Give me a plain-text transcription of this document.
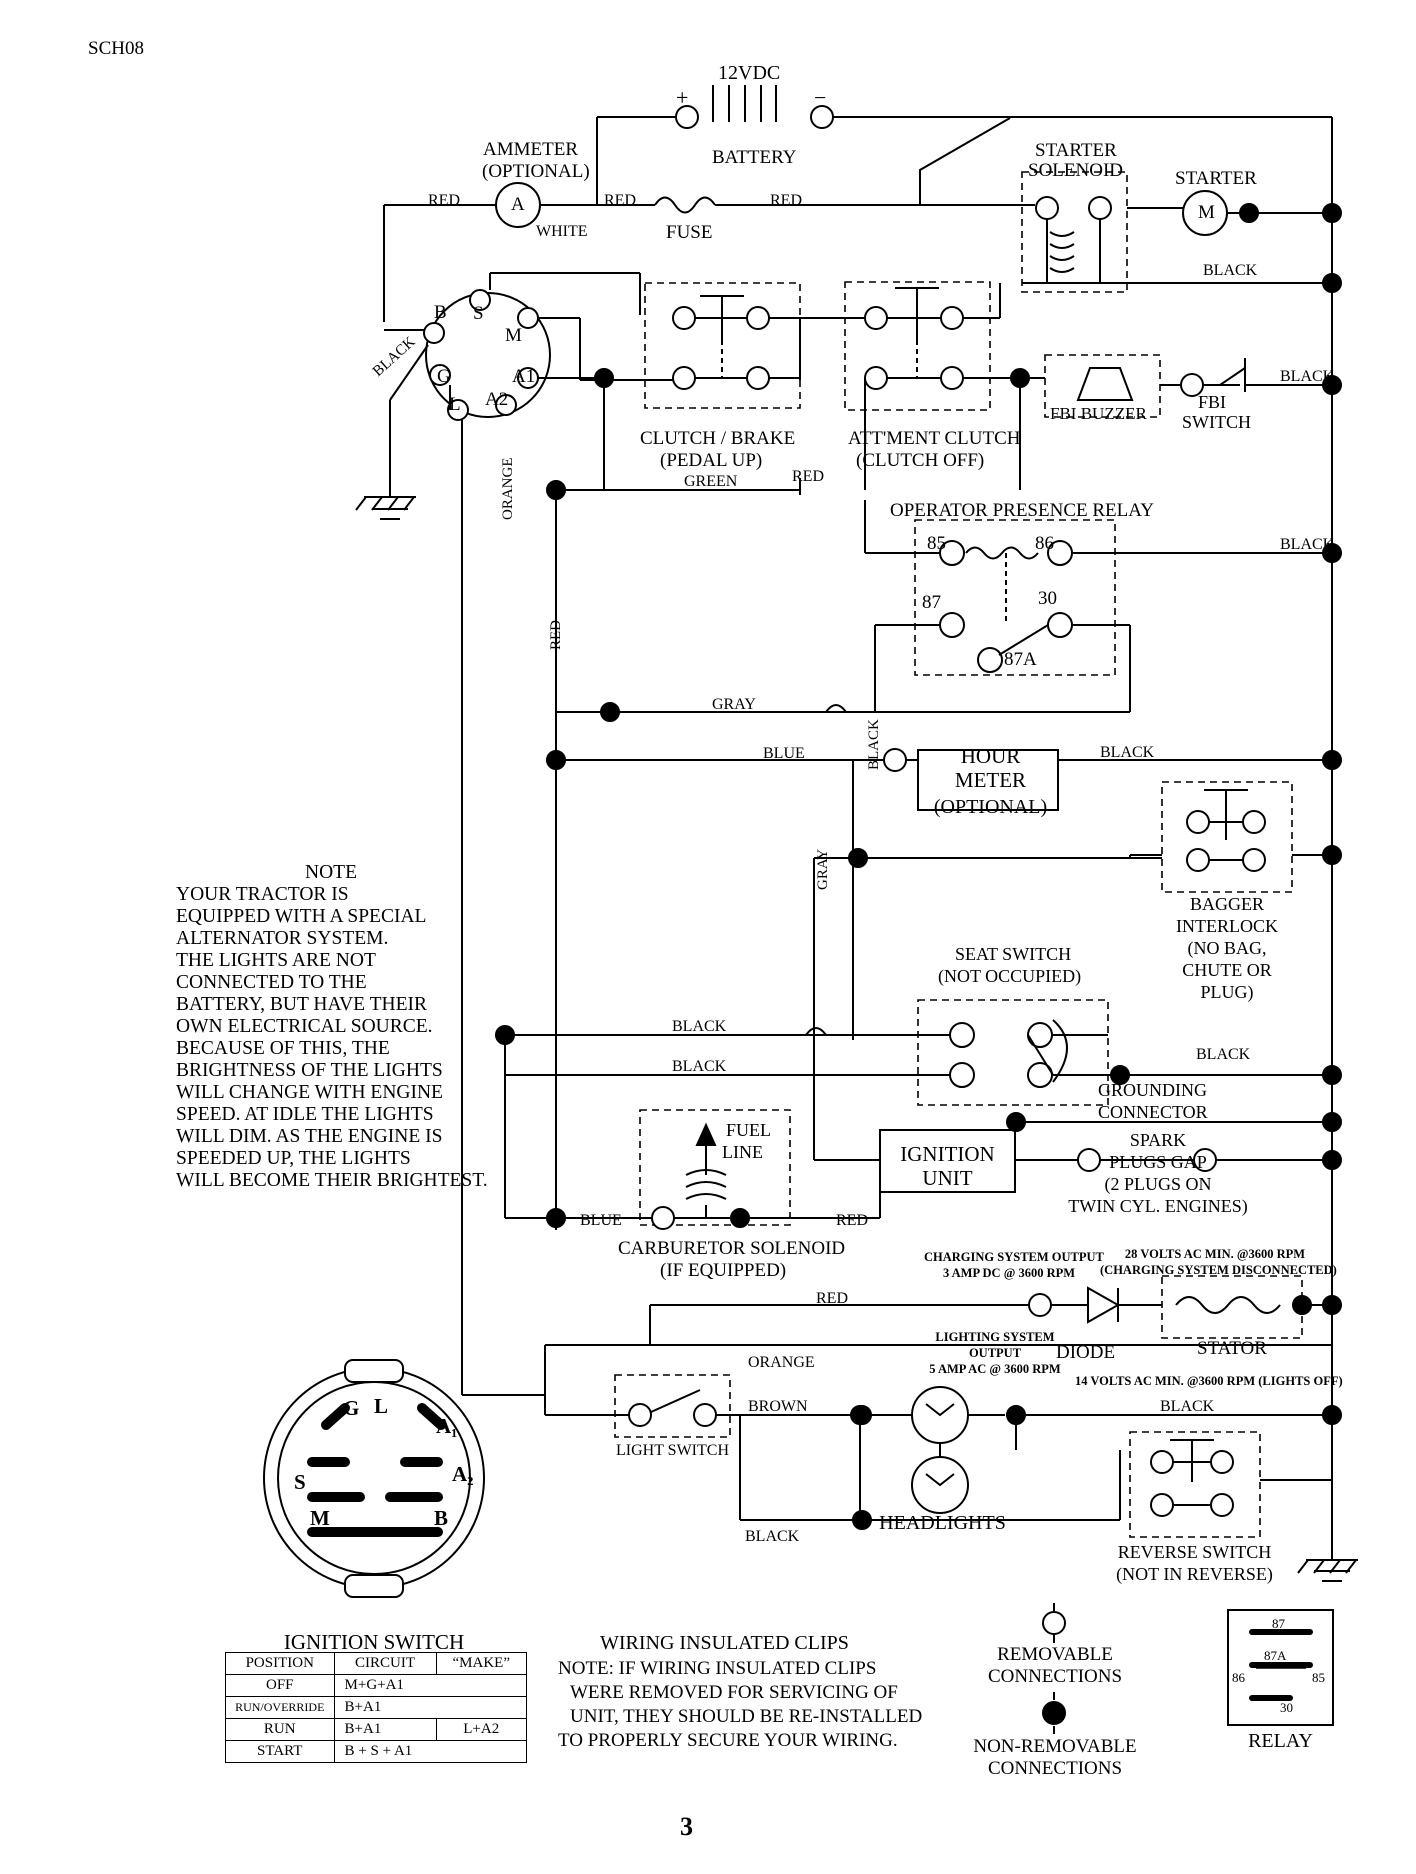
SCH08
12VDC
+	−
BATTERY
AMMETER
(OPTIONAL)
A
FUSE
STARTER
SOLENOID	STARTER
M
WHITE
RED	RED	RED
BLACK
B S
M
G
L
A1
A2
BLACK
CLUTCH / BRAKE
(PEDAL UP)
ATT'MENT CLUTCH
(CLUTCH OFF)
FBI BUZZER
FBI
SWITCH
BLACK
GREEN	RED
OPERATOR PRESENCE RELAY
85	86
87	30
87A
BLACK
ORANGE
RED
BLACK
GRAY
GRAY
BLUE	HOUR
METER
(OPTIONAL)
BLACK
BAGGER
INTERLOCK
(NO BAG,
CHUTE OR
PLUG)
SEAT SWITCH
(NOT OCCUPIED)
BLACK
BLACK
GROUNDING
CONNECTOR
BLACK
IGNITION
UNIT
SPARK
PLUGS GAP
(2 PLUGS ON
TWIN CYL. ENGINES)
FUEL
LINE
CARBURETOR SOLENOID
(IF EQUIPPED)
BLUE	RED
CHARGING SYSTEM OUTPUT
3 AMP DC @ 3600 RPM
28 VOLTS AC MIN. @3600 RPM
(CHARGING SYSTEM DISCONNECTED)
RED
DIODE	STATOR
ORANGE
LIGHTING SYSTEM
OUTPUT
5 AMP AC @ 3600 RPM
14 VOLTS AC MIN. @3600 RPM (LIGHTS OFF)
LIGHT SWITCH
BROWN	BLACK
HEADLIGHTS
BLACK
REVERSE SWITCH
(NOT IN REVERSE)
G L
A₁
A₂
S
M	B
IGNITION SWITCH
REMOVABLE
CONNECTIONS
NON-REMOVABLE
CONNECTIONS
87
87A
86	85
30
RELAY
WIRING INSULATED CLIPS
NOTE: IF WIRING INSULATED CLIPS
WERE REMOVED FOR SERVICING OF
UNIT, THEY SHOULD BE RE-INSTALLED
TO PROPERLY SECURE YOUR WIRING.
NOTE
YOUR TRACTOR IS
EQUIPPED WITH A SPECIAL
ALTERNATOR SYSTEM.
THE LIGHTS ARE NOT
CONNECTED TO THE
BATTERY, BUT HAVE THEIR
OWN ELECTRICAL SOURCE.
BECAUSE OF THIS, THE
BRIGHTNESS OF THE LIGHTS
WILL CHANGE WITH ENGINE
SPEED. AT IDLE THE LIGHTS
WILL DIM. AS THE ENGINE IS
SPEEDED UP, THE LIGHTS
WILL BECOME THEIR BRIGHTEST.
POSITION	CIRCUIT	“MAKE”
OFF	M+G+A1	
RUN/OVERRIDE	B+A1	
RUN	B+A1	L+A2
START	B + S + A1	
3
